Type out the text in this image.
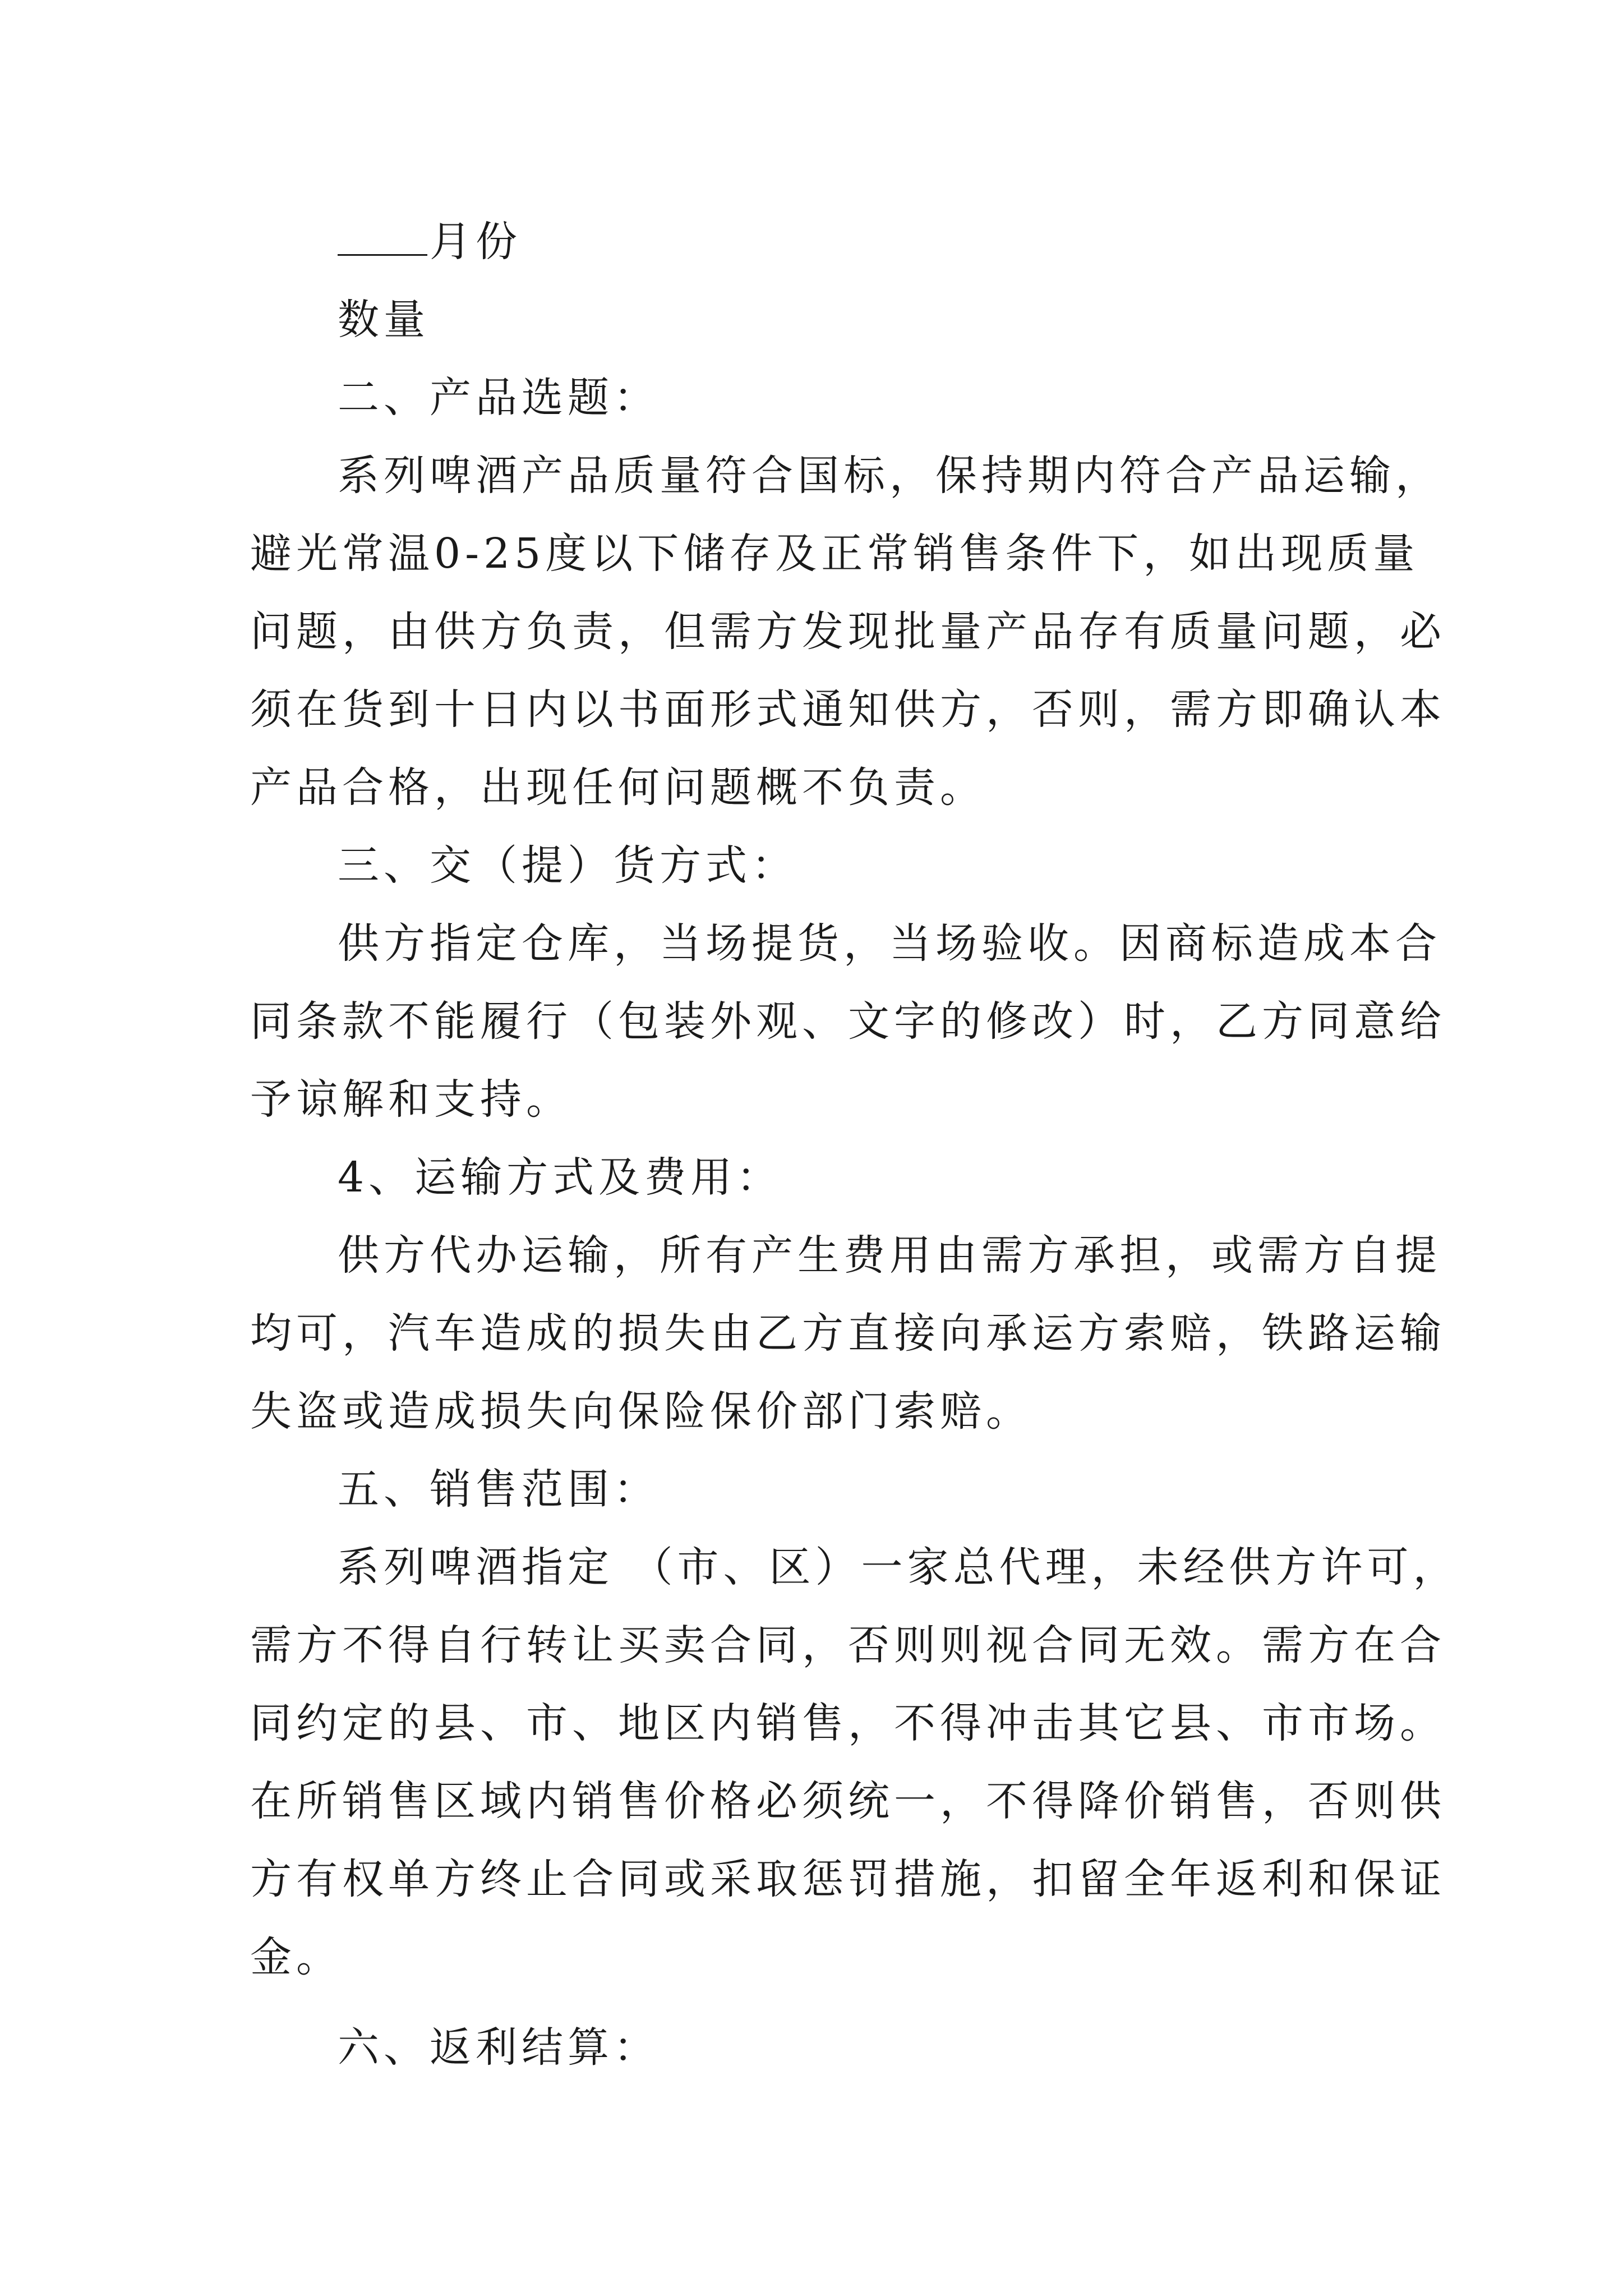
月份
数量
二、产品选题：
系列啤酒产品质量符合国标，保持期内符合产品运输，
避光常温0-25度以下储存及正常销售条件下，如出现质量
问题，由供方负责，但需方发现批量产品存有质量问题，必
须在货到十日内以书面形式通知供方，否则，需方即确认本
产品合格，出现任何问题概不负责。
三、交（提）货方式：
供方指定仓库，当场提货，当场验收。因商标造成本合
同条款不能履行（包装外观、文字的修改）时，乙方同意给
予谅解和支持。
4、运输方式及费用：
供方代办运输，所有产生费用由需方承担，或需方自提
均可，汽车造成的损失由乙方直接向承运方索赔，铁路运输
失盗或造成损失向保险保价部门索赔。
五、销售范围：
系列啤酒指定 （市、区）一家总代理，未经供方许可，
需方不得自行转让买卖合同，否则则视合同无效。需方在合
同约定的县、市、地区内销售，不得冲击其它县、市市场。
在所销售区域内销售价格必须统一，不得降价销售，否则供
方有权单方终止合同或采取惩罚措施，扣留全年返利和保证
金。
六、返利结算：
